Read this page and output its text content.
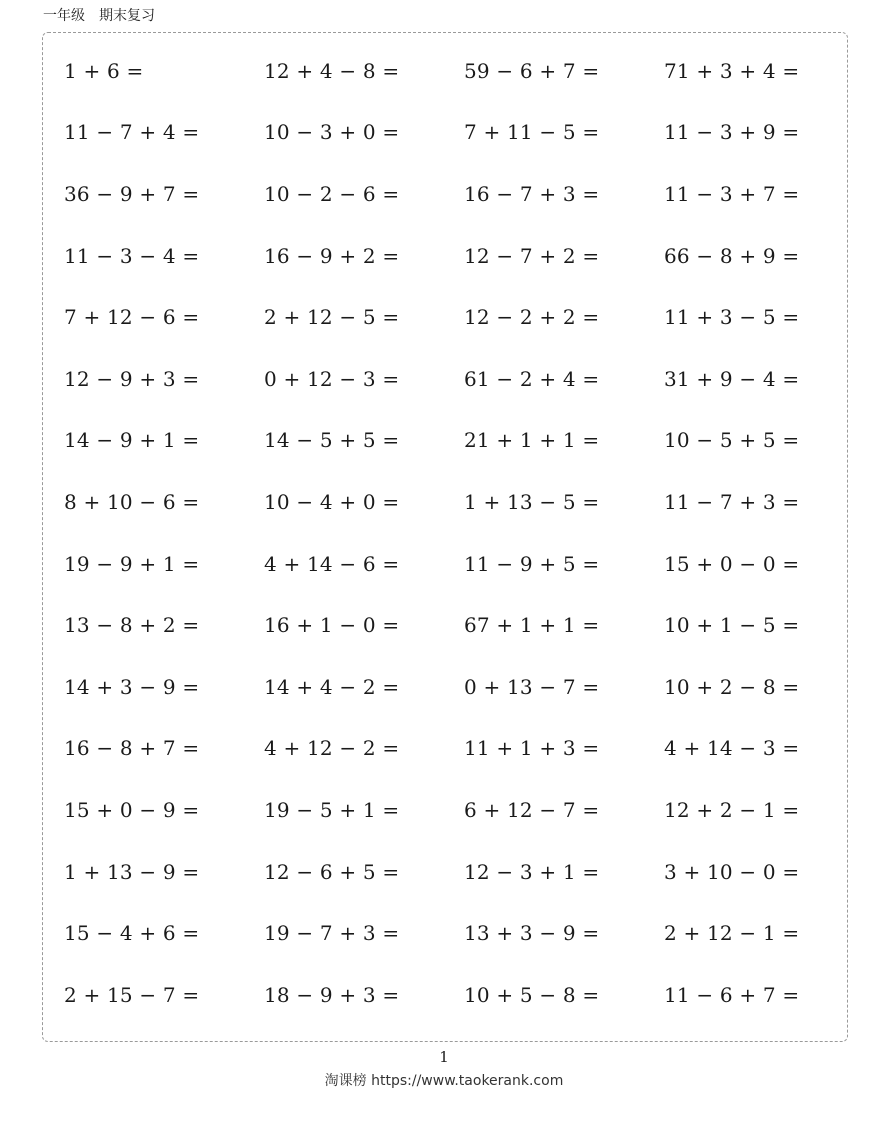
一年级　期末复习
1 + 6 =	12 + 4 − 8 =	59 − 6 + 7 =	71 + 3 + 4 =
11 − 7 + 4 =	10 − 3 + 0 =	7 + 11 − 5 =	11 − 3 + 9 =
36 − 9 + 7 =	10 − 2 − 6 =	16 − 7 + 3 =	11 − 3 + 7 =
11 − 3 − 4 =	16 − 9 + 2 =	12 − 7 + 2 =	66 − 8 + 9 =
7 + 12 − 6 =	2 + 12 − 5 =	12 − 2 + 2 =	11 + 3 − 5 =
12 − 9 + 3 =	0 + 12 − 3 =	61 − 2 + 4 =	31 + 9 − 4 =
14 − 9 + 1 =	14 − 5 + 5 =	21 + 1 + 1 =	10 − 5 + 5 =
8 + 10 − 6 =	10 − 4 + 0 =	1 + 13 − 5 =	11 − 7 + 3 =
19 − 9 + 1 =	4 + 14 − 6 =	11 − 9 + 5 =	15 + 0 − 0 =
13 − 8 + 2 =	16 + 1 − 0 =	67 + 1 + 1 =	10 + 1 − 5 =
14 + 3 − 9 =	14 + 4 − 2 =	0 + 13 − 7 =	10 + 2 − 8 =
16 − 8 + 7 =	4 + 12 − 2 =	11 + 1 + 3 =	4 + 14 − 3 =
15 + 0 − 9 =	19 − 5 + 1 =	6 + 12 − 7 =	12 + 2 − 1 =
1 + 13 − 9 =	12 − 6 + 5 =	12 − 3 + 1 =	3 + 10 − 0 =
15 − 4 + 6 =	19 − 7 + 3 =	13 + 3 − 9 =	2 + 12 − 1 =
2 + 15 − 7 =	18 − 9 + 3 =	10 + 5 − 8 =	11 − 6 + 7 =
1
淘课榜 https://www.taokerank.com
